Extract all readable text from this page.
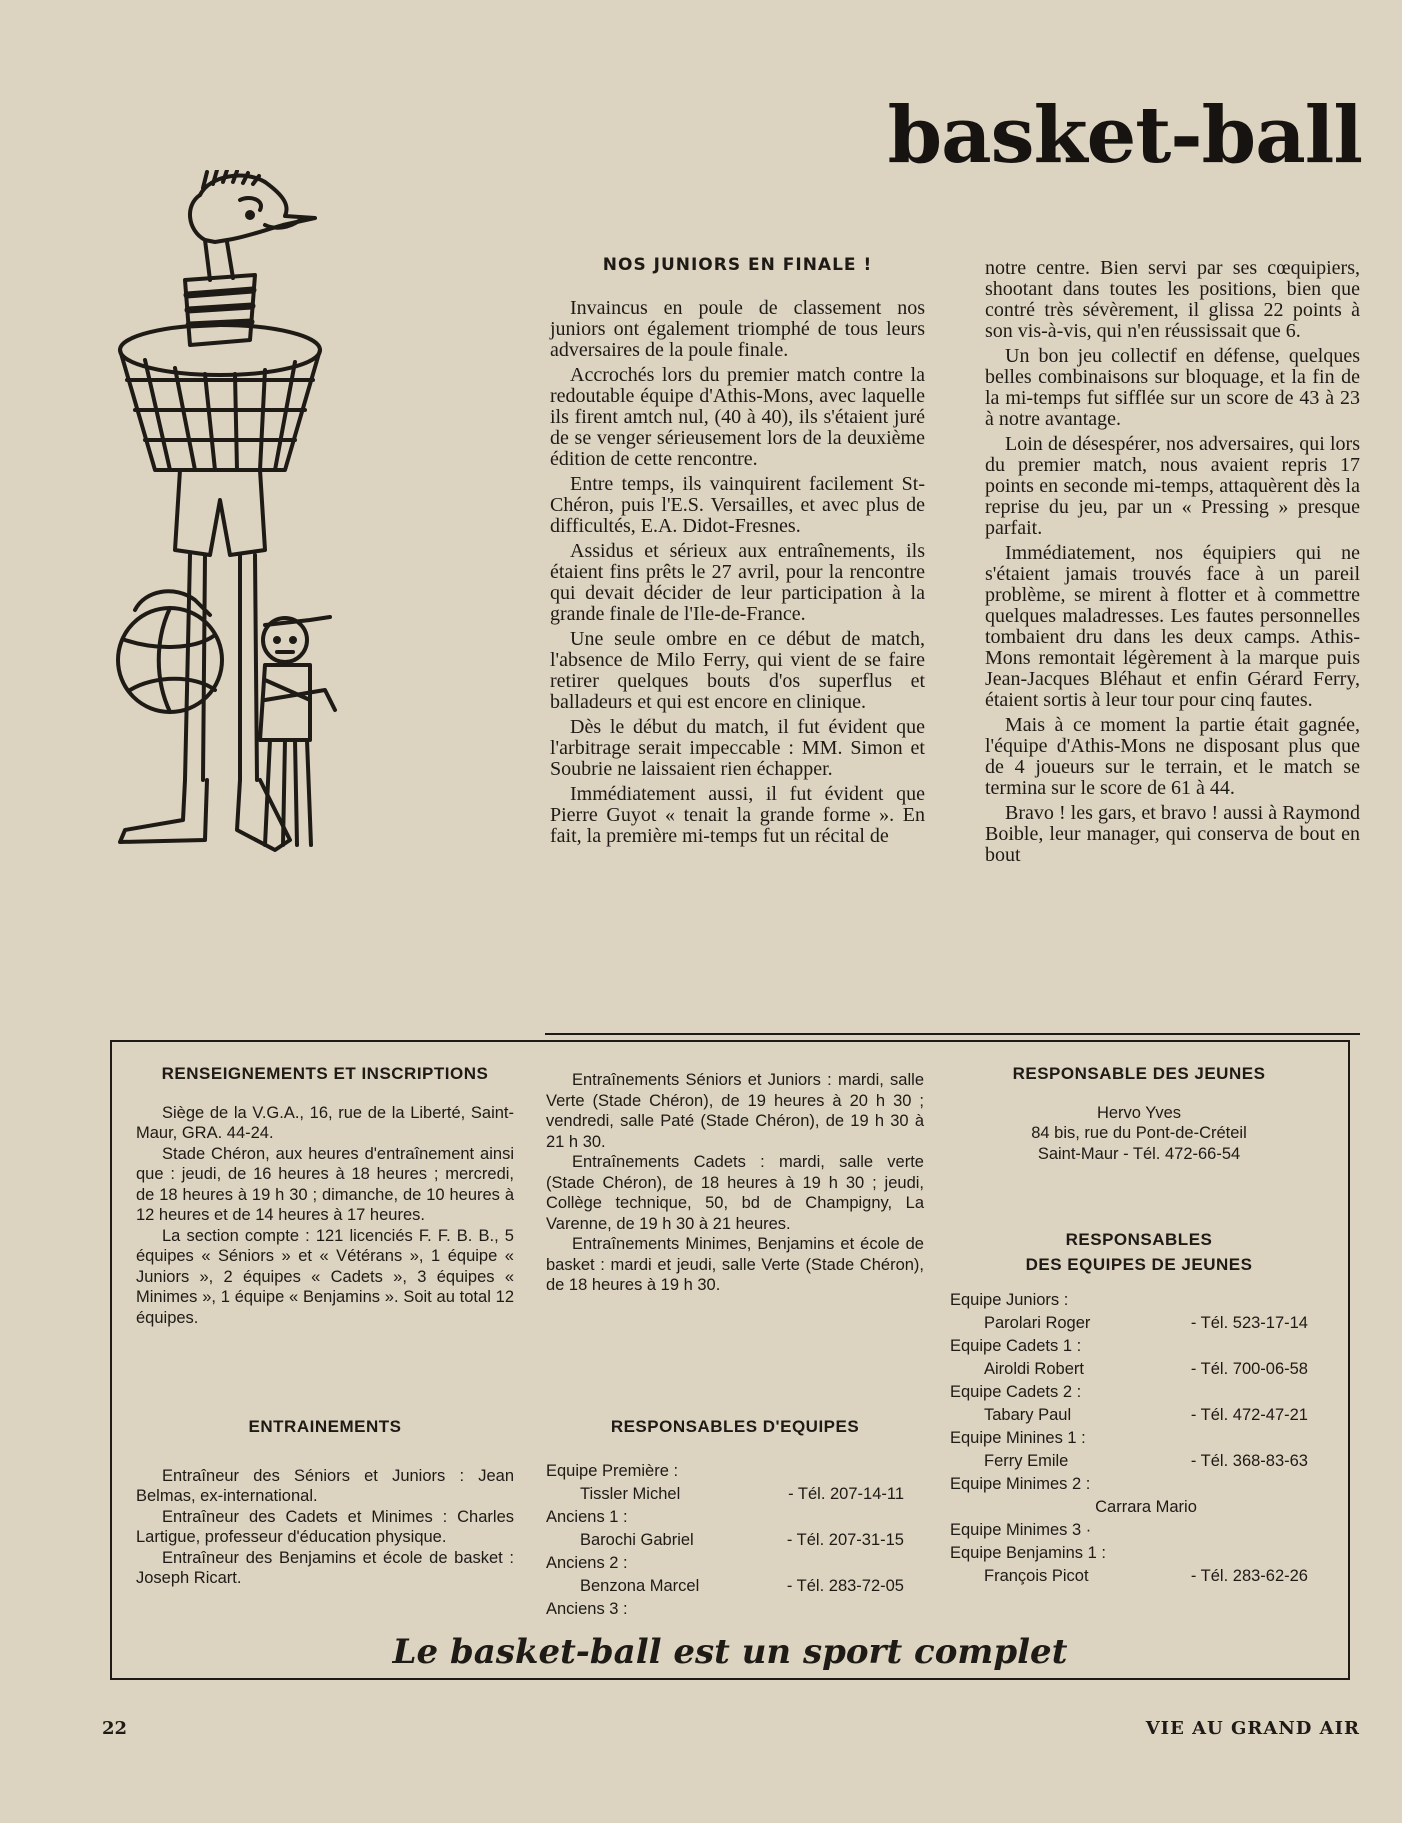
basket-ball
NOS JUNIORS EN FINALE !

Invaincus en poule de classement nos juniors ont également triomphé de tous leurs adversaires de la poule finale.

Accrochés lors du premier match contre la redoutable équipe d'Athis-Mons, avec laquelle ils firent amtch nul, (40 à 40), ils s'étaient juré de se venger sérieusement lors de la deuxième édition de cette rencontre.

Entre temps, ils vainquirent facilement St-Chéron, puis l'E.S. Versailles, et avec plus de difficultés, E.A. Didot-Fresnes.

Assidus et sérieux aux entraînements, ils étaient fins prêts le 27 avril, pour la rencontre qui devait décider de leur participation à la grande finale de l'Ile-de-France.

Une seule ombre en ce début de match, l'absence de Milo Ferry, qui vient de se faire retirer quelques bouts d'os superflus et balladeurs et qui est encore en clinique.

Dès le début du match, il fut évident que l'arbitrage serait impeccable : MM. Simon et Soubrie ne laissaient rien échapper.

Immédiatement aussi, il fut évident que Pierre Guyot « tenait la grande forme ». En fait, la première mi-temps fut un récital de

notre centre. Bien servi par ses cœquipiers, shootant dans toutes les positions, bien que contré très sévèrement, il glissa 22 points à son vis-à-vis, qui n'en réussissait que 6.

Un bon jeu collectif en défense, quelques belles combinaisons sur bloquage, et la fin de la mi-temps fut sifflée sur un score de 43 à 23 à notre avantage.

Loin de désespérer, nos adversaires, qui lors du premier match, nous avaient repris 17 points en seconde mi-temps, attaquèrent dès la reprise du jeu, par un « Pressing » presque parfait.

Immédiatement, nos équipiers qui ne s'étaient jamais trouvés face à un pareil problème, se mirent à flotter et à commettre quelques maladresses. Les fautes personnelles tombaient dru dans les deux camps. Athis-Mons remontait légèrement à la marque puis Jean-Jacques Bléhaut et enfin Gérard Ferry, étaient sortis à leur tour pour cinq fautes.

Mais à ce moment la partie était gagnée, l'équipe d'Athis-Mons ne disposant plus que de 4 joueurs sur le terrain, et le match se termina sur le score de 61 à 44.

Bravo ! les gars, et bravo ! aussi à Raymond Boible, leur manager, qui conserva de bout en bout

RENSEIGNEMENTS ET INSCRIPTIONS

Siège de la V.G.A., 16, rue de la Liberté, Saint-Maur, GRA. 44-24.

Stade Chéron, aux heures d'entraînement ainsi que : jeudi, de 16 heures à 18 heures ; mercredi, de 18 heures à 19 h 30 ; dimanche, de 10 heures à 12 heures et de 14 heures à 17 heures.

La section compte : 121 licenciés F. F. B. B., 5 équipes « Séniors » et « Vétérans », 1 équipe « Juniors », 2 équipes « Cadets », 3 équipes « Minimes », 1 équipe « Benjamins ». Soit au total 12 équipes.

ENTRAINEMENTS

Entraîneur des Séniors et Juniors : Jean Belmas, ex-international.

Entraîneur des Cadets et Minimes : Charles Lartigue, professeur d'éducation physique.

Entraîneur des Benjamins et école de basket : Joseph Ricart.

Entraînements Séniors et Juniors : mardi, salle Verte (Stade Chéron), de 19 heures à 20 h 30 ; vendredi, salle Paté (Stade Chéron), de 19 h 30 à 21 h 30.

Entraînements Cadets : mardi, salle verte (Stade Chéron), de 18 heures à 19 h 30 ; jeudi, Collège technique, 50, bd de Champigny, La Varenne, de 19 h 30 à 21 heures.

Entraînements Minimes, Benjamins et école de basket : mardi et jeudi, salle Verte (Stade Chéron), de 18 heures à 19 h 30.

RESPONSABLES D'EQUIPES
Equipe Première :
Tissler Michel	- Tél. 207-14-11
Anciens 1 :
Barochi Gabriel	- Tél. 207-31-15
Anciens 2 :
Benzona Marcel	- Tél. 283-72-05
Anciens 3 :
RESPONSABLE DES JEUNES
Hervo Yves
84 bis, rue du Pont-de-Créteil
Saint-Maur - Tél. 472-66-54
RESPONSABLES
DES EQUIPES DE JEUNES
Equipe Juniors :
Parolari Roger	- Tél. 523-17-14
Equipe Cadets 1 :
Airoldi Robert	- Tél. 700-06-58
Equipe Cadets 2 :
Tabary Paul	- Tél. 472-47-21
Equipe Minines 1 :
Ferry Emile	- Tél. 368-83-63
Equipe Minimes 2 :
Carrara Mario
Equipe Minimes 3 ·
Equipe Benjamins 1 :
François Picot	- Tél. 283-62-26
Le basket-ball est un sport complet
22	VIE AU GRAND AIR
